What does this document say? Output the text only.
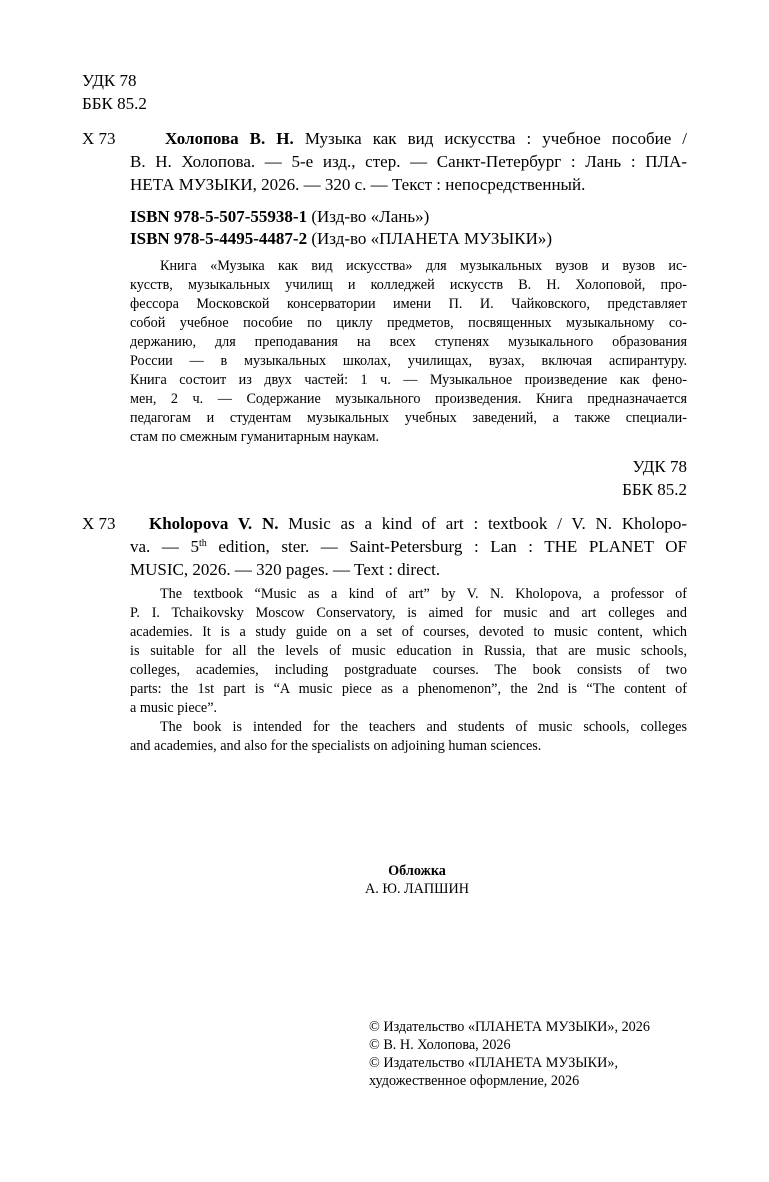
УДК 78
ББК 85.2
Х 73	Холопова В. Н. Музыка как вид искусства : учебное пособие /
В. Н. Холопова. — 5-е изд., стер. — Санкт-Петербург : Лань : ПЛА-
НЕТА МУЗЫКИ, 2026. — 320 с. — Текст : непосредственный.
ISBN 978-5-507-55938-1 (Изд-во «Лань»)
ISBN 978-5-4495-4487-2 (Изд-во «ПЛАНЕТА МУЗЫКИ»)
Книга «Музыка как вид искусства» для музыкальных вузов и вузов ис-
кусств, музыкальных училищ и колледжей искусств В. Н. Холоповой, про-
фессора Московской консерватории имени П. И. Чайковского, представляет
собой учебное пособие по циклу предметов, посвященных музыкальному со-
держанию, для преподавания на всех ступенях музыкального образования
России — в музыкальных школах, училищах, вузах, включая аспирантуру.
Книга состоит из двух частей: 1 ч. — Музыкальное произведение как фено-
мен, 2 ч. — Содержание музыкального произведения. Книга предназначается
педагогам и студентам музыкальных учебных заведений, а также специали-
стам по смежным гуманитарным наукам.
УДК 78
ББК 85.2
Х 73 Kholopova V. N. Music as a kind of art : textbook / V. N. Kholopo-
va. — 5th edition, ster. — Saint-Petersburg : Lan : THE PLANET OF
MUSIC, 2026. — 320 pages. — Text : direct.
The textbook “Music as a kind of art” by V. N. Kholopova, a professor of
P. I. Tchaikovsky Moscow Conservatory, is aimed for music and art colleges and
academies. It is a study guide on a set of courses, devoted to music content, which
is suitable for all the levels of music education in Russia, that are music schools,
colleges, academies, including postgraduate courses. The book consists of two
parts: the 1st part is “A music piece as a phenomenon”, the 2nd is “The content of
a music piece”.
The book is intended for the teachers and students of music schools, colleges
and academies, and also for the specialists on adjoining human sciences.
Обложка
А. Ю. ЛАПШИН
© Издательство «ПЛАНЕТА МУЗЫКИ», 2026
© В. Н. Холопова, 2026
© Издательство «ПЛАНЕТА МУЗЫКИ»,
художественное оформление, 2026
